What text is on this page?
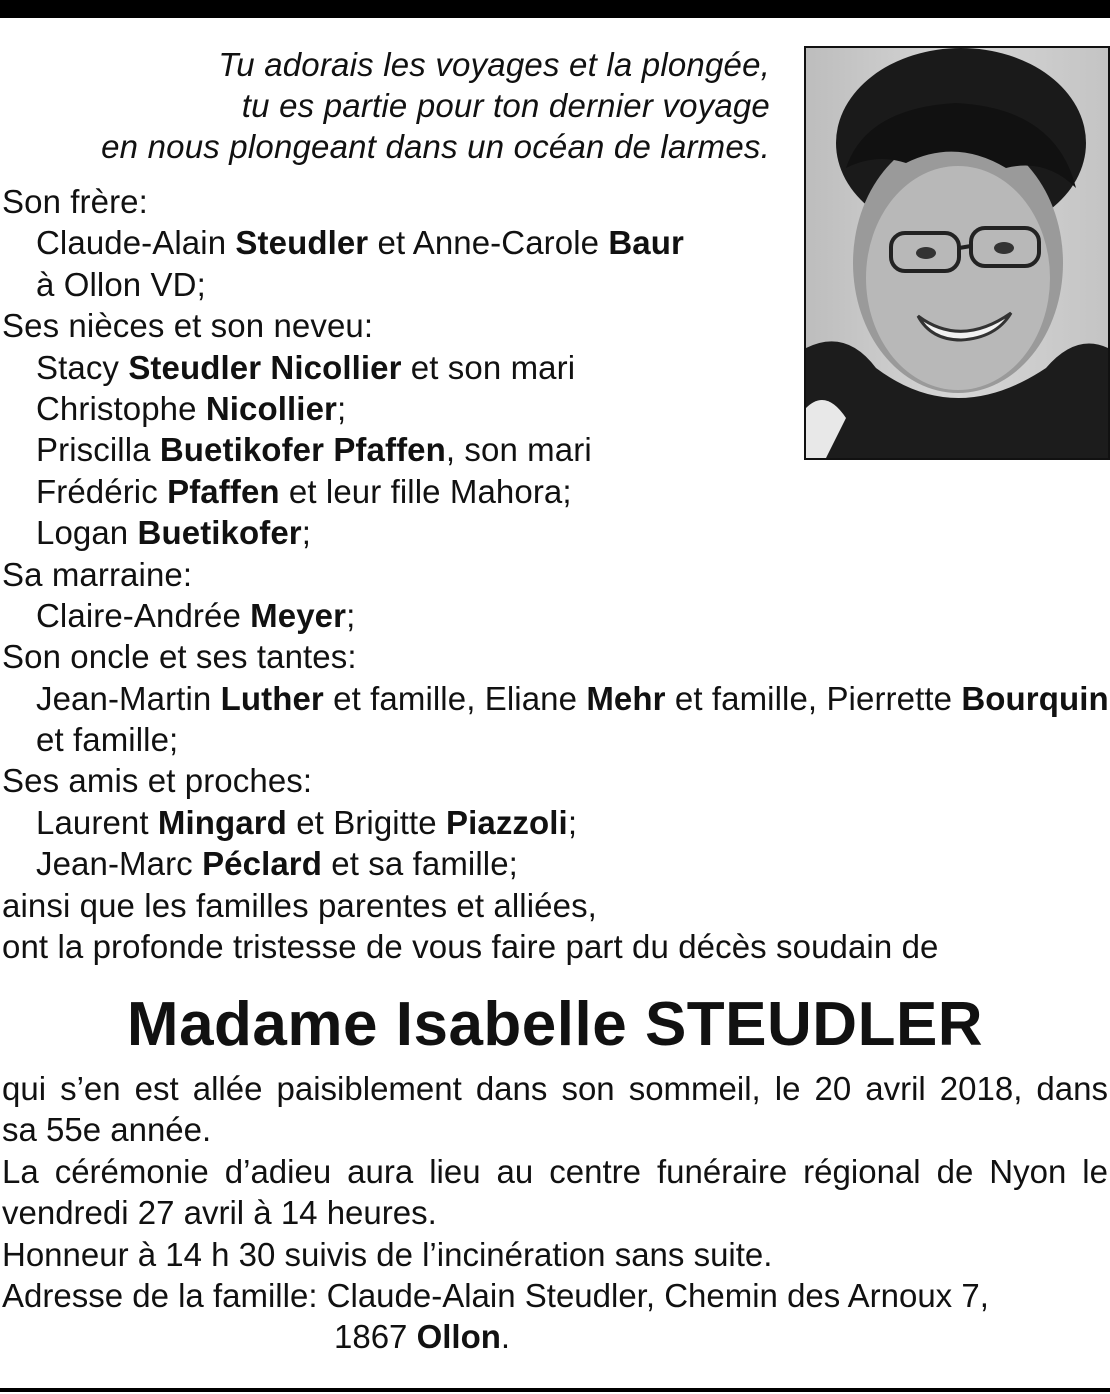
Tu adorais les voyages et la plongée,
tu es partie pour ton dernier voyage
en nous plongeant dans un océan de larmes.
Son frère:
Claude-Alain Steudler et Anne-Carole Baur
à Ollon VD;
Ses nièces et son neveu:
Stacy Steudler Nicollier et son mari
Christophe Nicollier;
Priscilla Buetikofer Pfaffen, son mari
Frédéric Pfaffen et leur fille Mahora;
Logan Buetikofer;
Sa marraine:
Claire-Andrée Meyer;
Son oncle et ses tantes:
Jean-Martin Luther et famille, Eliane Mehr et famille, Pierrette Bourquin
et famille;
Ses amis et proches:
Laurent Mingard et Brigitte Piazzoli;
Jean-Marc Péclard et sa famille;
ainsi que les familles parentes et alliées,
ont la profonde tristesse de vous faire part du décès soudain de
Madame Isabelle STEUDLER
qui s’en est allée paisiblement dans son sommeil, le 20 avril 2018, dans
sa 55e année.
La cérémonie d’adieu aura lieu au centre funéraire régional de Nyon le
vendredi 27 avril à 14 heures.
Honneur à 14 h 30 suivis de l’incinération sans suite.
Adresse de la famille: Claude-Alain Steudler, Chemin des Arnoux 7,
1867 Ollon.
